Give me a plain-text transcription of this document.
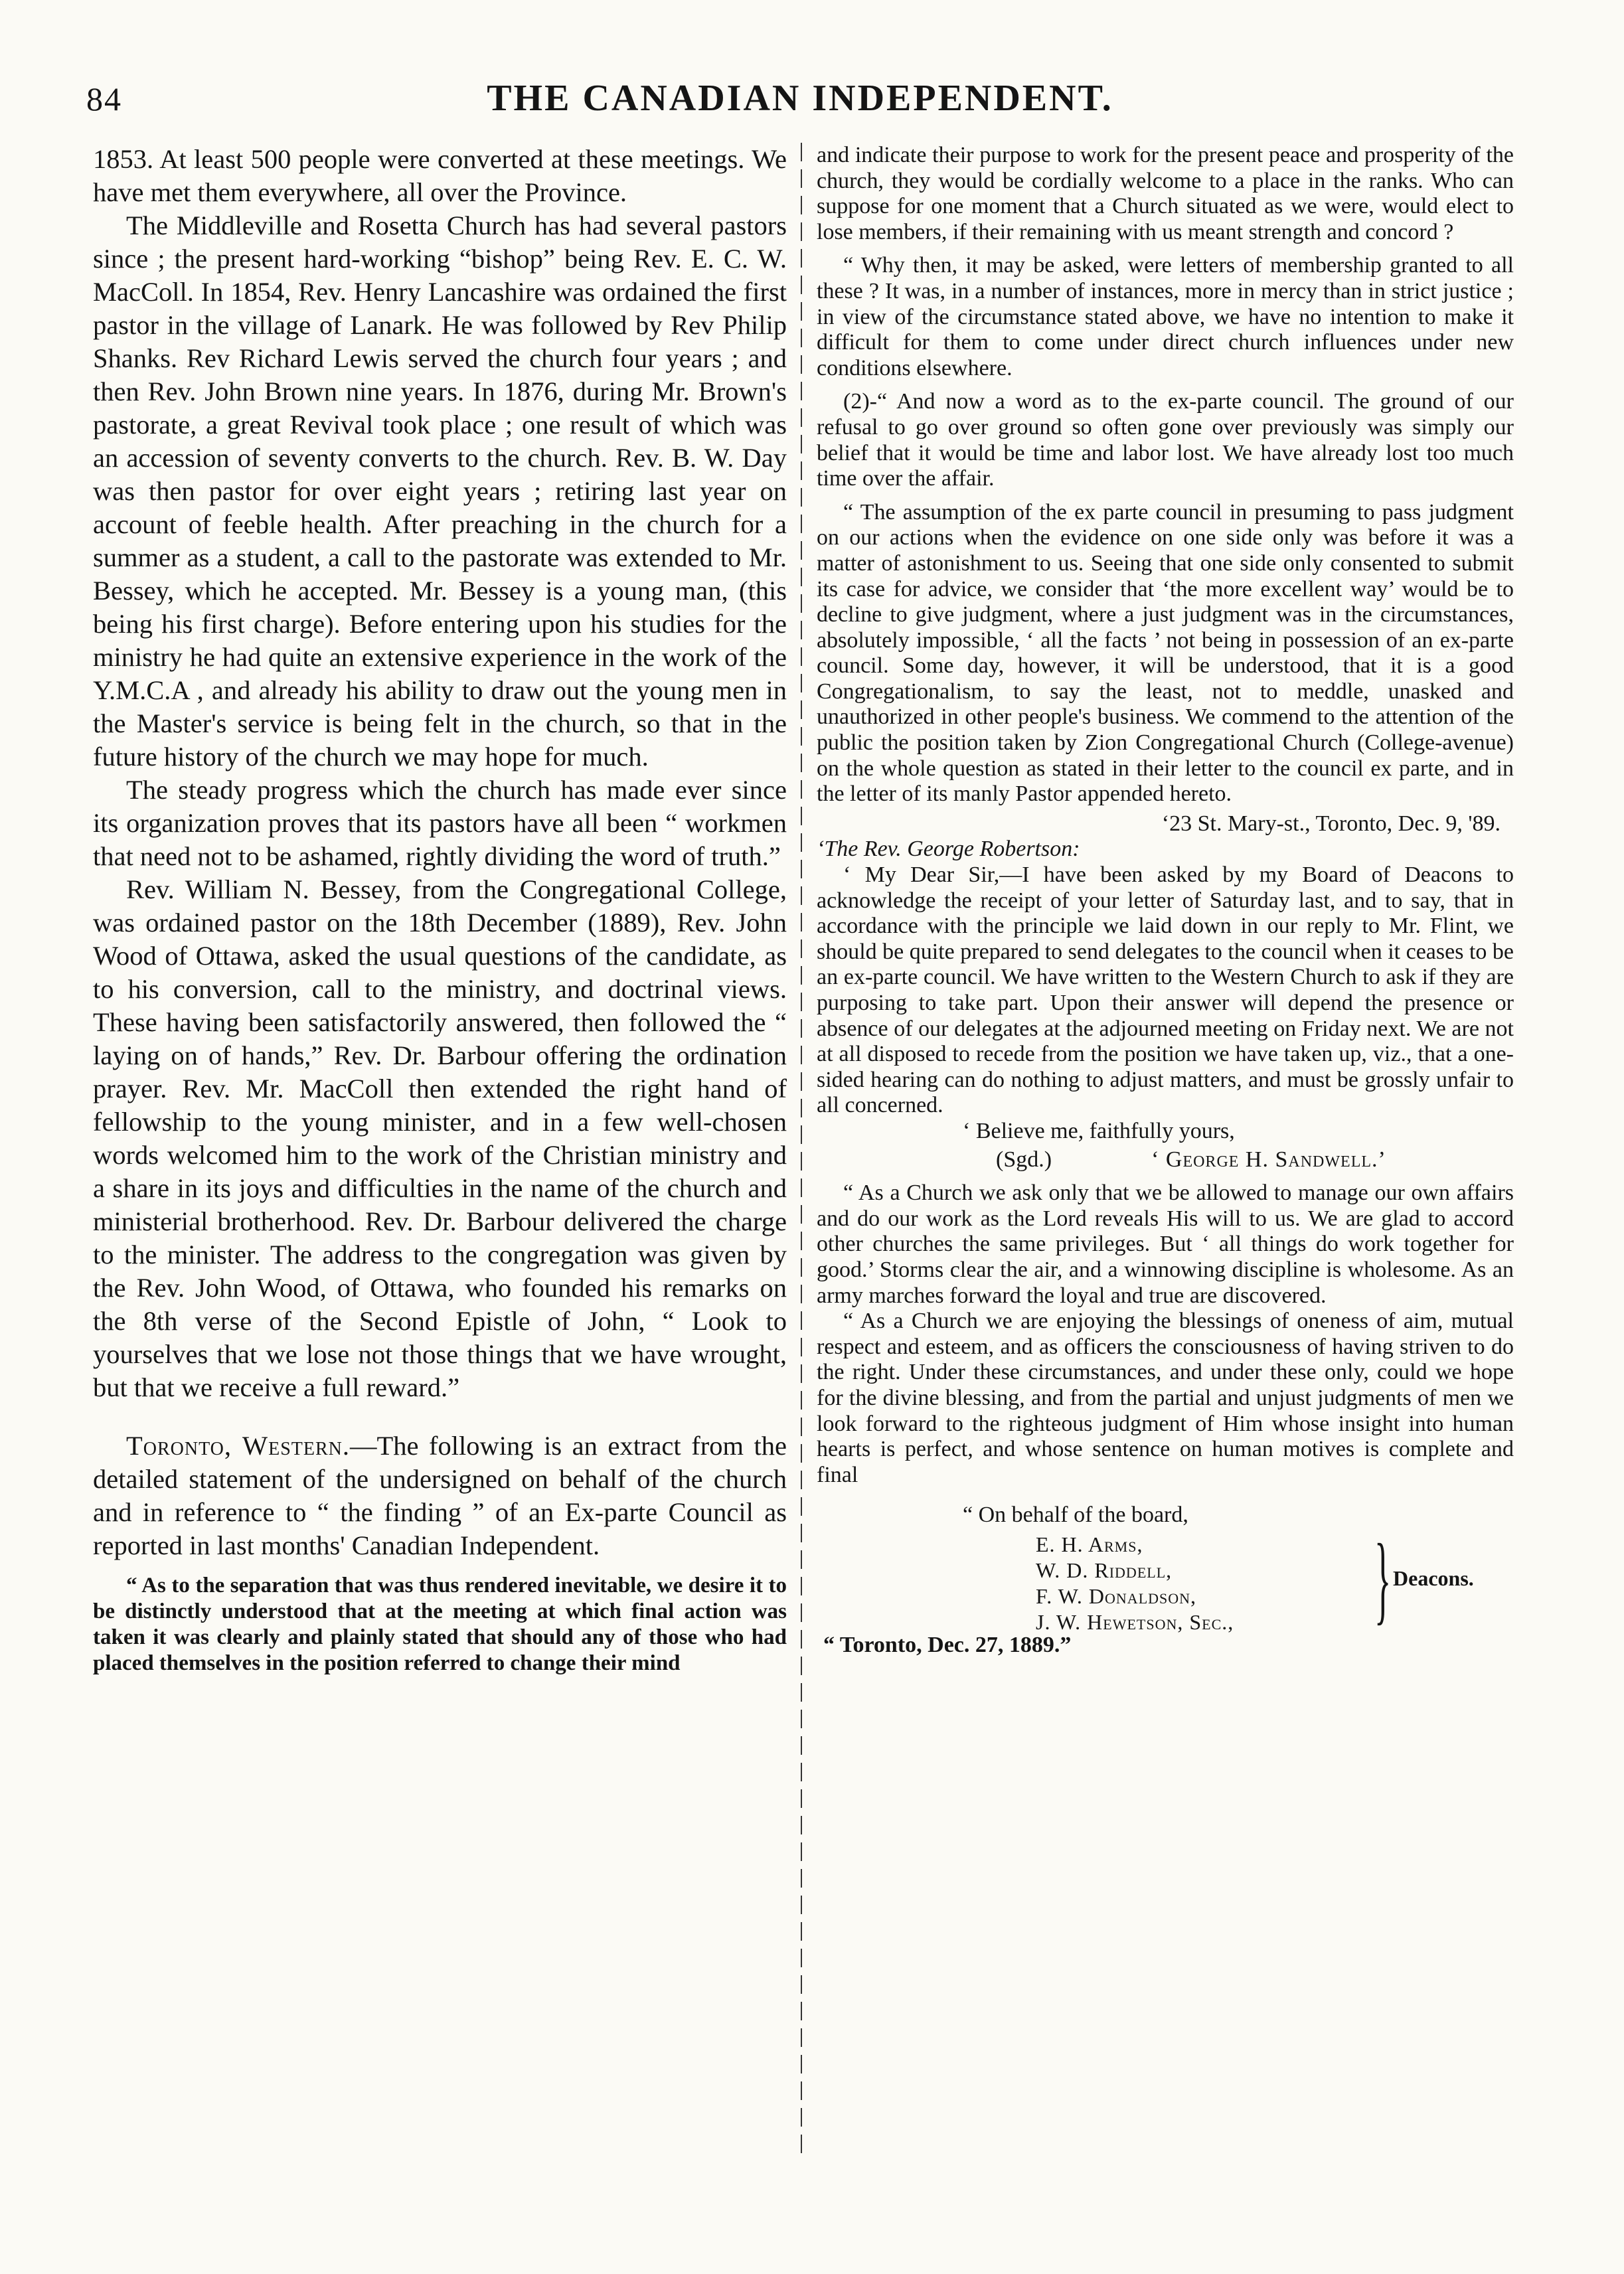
84	THE CANADIAN INDEPENDENT.

1853. At least 500 people were converted at these meetings. We have met them everywhere, all over the Province.

The Middleville and Rosetta Church has had several pastors since ; the present hard-working “bishop” being Rev. E. C. W. MacColl. In 1854, Rev. Henry Lancashire was ordained the first pastor in the village of Lanark. He was followed by Rev Philip Shanks. Rev Richard Lewis served the church four years ; and then Rev. John Brown nine years. In 1876, during Mr. Brown's pastorate, a great Revival took place ; one result of which was an accession of seventy converts to the church. Rev. B. W. Day was then pastor for over eight years ; retiring last year on account of feeble health. After preaching in the church for a summer as a student, a call to the pastorate was extended to Mr. Bessey, which he accepted. Mr. Bessey is a young man, (this being his first charge). Before entering upon his studies for the ministry he had quite an extensive experience in the work of the Y.M.C.A , and already his ability to draw out the young men in the Master's service is being felt in the church, so that in the future history of the church we may hope for much.

The steady progress which the church has made ever since its organization proves that its pastors have all been “ workmen that need not to be ashamed, rightly dividing the word of truth.”

Rev. William N. Bessey, from the Congregational College, was ordained pastor on the 18th December (1889), Rev. John Wood of Ottawa, asked the usual questions of the candidate, as to his conversion, call to the ministry, and doctrinal views. These having been satisfactorily answered, then followed the “ laying on of hands,” Rev. Dr. Barbour offering the ordination prayer. Rev. Mr. MacColl then extended the right hand of fellowship to the young minister, and in a few well-chosen words welcomed him to the work of the Christian ministry and a share in its joys and difficulties in the name of the church and ministerial brotherhood. Rev. Dr. Barbour delivered the charge to the minister. The address to the congregation was given by the Rev. John Wood, of Ottawa, who founded his remarks on the 8th verse of the Second Epistle of John, “ Look to yourselves that we lose not those things that we have wrought, but that we receive a full reward.”

Toronto, Western.—The following is an extract from the detailed statement of the undersigned on behalf of the church and in reference to “ the finding ” of an Ex-parte Council as reported in last months' Canadian Independent.

“ As to the separation that was thus rendered inevitable, we desire it to be distinctly understood that at the meeting at which final action was taken it was clearly and plainly stated that should any of those who had placed themselves in the position referred to change their mind

and indicate their purpose to work for the present peace and prosperity of the church, they would be cordially welcome to a place in the ranks. Who can suppose for one moment that a Church situated as we were, would elect to lose members, if their remaining with us meant strength and concord ?

“ Why then, it may be asked, were letters of membership granted to all these ? It was, in a number of instances, more in mercy than in strict justice ; in view of the circumstance stated above, we have no intention to make it difficult for them to come under direct church influences under new conditions elsewhere.

(2)-“ And now a word as to the ex-parte council. The ground of our refusal to go over ground so often gone over previously was simply our belief that it would be time and labor lost. We have already lost too much time over the affair.

“ The assumption of the ex parte council in presuming to pass judgment on our actions when the evidence on one side only was before it was a matter of astonishment to us. Seeing that one side only consented to submit its case for advice, we consider that ‘the more excellent way’ would be to decline to give judgment, where a just judgment was in the circumstances, absolutely impossible, ‘ all the facts ’ not being in possession of an ex-parte council. Some day, however, it will be understood, that it is a good Congregationalism, to say the least, not to meddle, unasked and unauthorized in other people's business. We commend to the attention of the public the position taken by Zion Congregational Church (College-avenue) on the whole question as stated in their letter to the council ex parte, and in the letter of its manly Pastor appended hereto.

‘23 St. Mary-st., Toronto, Dec. 9, '89.

‘The Rev. George Robertson:

‘ My Dear Sir,—I have been asked by my Board of Deacons to acknowledge the receipt of your letter of Saturday last, and to say, that in accordance with the principle we laid down in our reply to Mr. Flint, we should be quite prepared to send delegates to the council when it ceases to be an ex-parte council. We have written to the Western Church to ask if they are purposing to take part. Upon their answer will depend the presence or absence of our delegates at the adjourned meeting on Friday next. We are not at all disposed to recede from the position we have taken up, viz., that a one-sided hearing can do nothing to adjust matters, and must be grossly unfair to all concerned.

‘ Believe me, faithfully yours,

(Sgd.)	‘ George H. Sandwell.’

“ As a Church we ask only that we be allowed to manage our own affairs and do our work as the Lord reveals His will to us. We are glad to accord other churches the same privileges. But ‘ all things do work together for good.’ Storms clear the air, and a winnowing discipline is wholesome. As an army marches forward the loyal and true are discovered.

“ As a Church we are enjoying the blessings of oneness of aim, mutual respect and esteem, and as officers the consciousness of having striven to do the right. Under these circumstances, and under these only, could we hope for the divine blessing, and from the partial and unjust judgments of men we look forward to the righteous judgment of Him whose insight into human hearts is perfect, and whose sentence on human motives is complete and final

“ On behalf of the board,
E. H. Arms,
W. D. Riddell,
F. W. Donaldson,
J. W. Hewetson, Sec., } Deacons.
“ Toronto, Dec. 27, 1889.”
